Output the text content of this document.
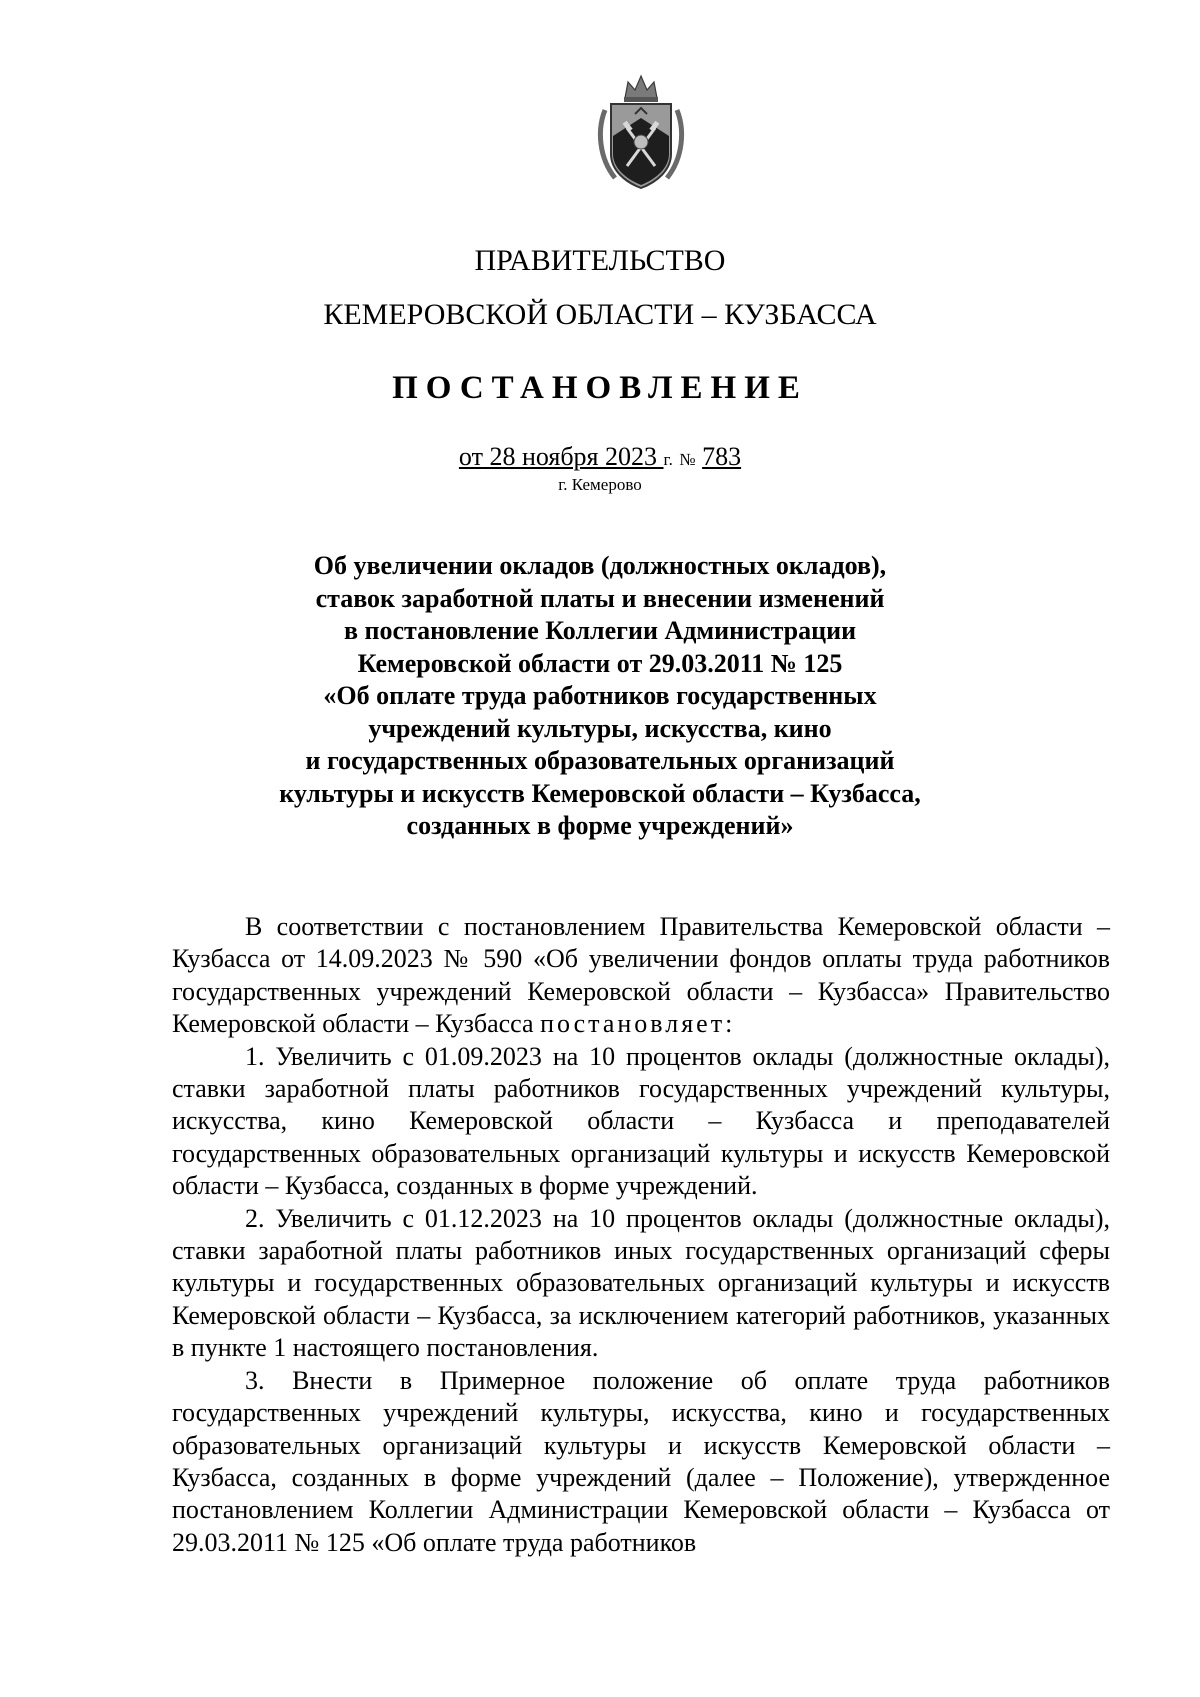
ПРАВИТЕЛЬСТВО
КЕМЕРОВСКОЙ ОБЛАСТИ – КУЗБАССА
ПОСТАНОВЛЕНИЕ
от 28 ноября 2023 г. № 783
г. Кемерово
Об увеличении окладов (должностных окладов),
ставок заработной платы и внесении изменений
в постановление Коллегии Администрации
Кемеровской области от 29.03.2011 № 125
«Об оплате труда работников государственных
учреждений культуры, искусства, кино
и государственных образовательных организаций
культуры и искусств Кемеровской области – Кузбасса,
созданных в форме учреждений»

В соответствии с постановлением Правительства Кемеровской области – Кузбасса от 14.09.2023 № 590 «Об увеличении фондов оплаты труда работников государственных учреждений Кемеровской области – Кузбасса» Правительство Кемеровской области – Кузбасса постановляет:

1. Увеличить с 01.09.2023 на 10 процентов оклады (должностные оклады), ставки заработной платы работников государственных учреждений культуры, искусства, кино Кемеровской области – Кузбасса и преподавателей государственных образовательных организаций культуры и искусств Кемеровской области – Кузбасса, созданных в форме учреждений.

2. Увеличить с 01.12.2023 на 10 процентов оклады (должностные оклады), ставки заработной платы работников иных государственных организаций сферы культуры и государственных образовательных организаций культуры и искусств Кемеровской области – Кузбасса, за исключением категорий работников, указанных в пункте 1 настоящего постановления.

3. Внести в Примерное положение об оплате труда работников государственных учреждений культуры, искусства, кино и государственных образовательных организаций культуры и искусств Кемеровской области – Кузбасса, созданных в форме учреждений (далее – Положение), утвержденное постановлением Коллегии Администрации Кемеровской области – Кузбасса от 29.03.2011 № 125 «Об оплате труда работников
